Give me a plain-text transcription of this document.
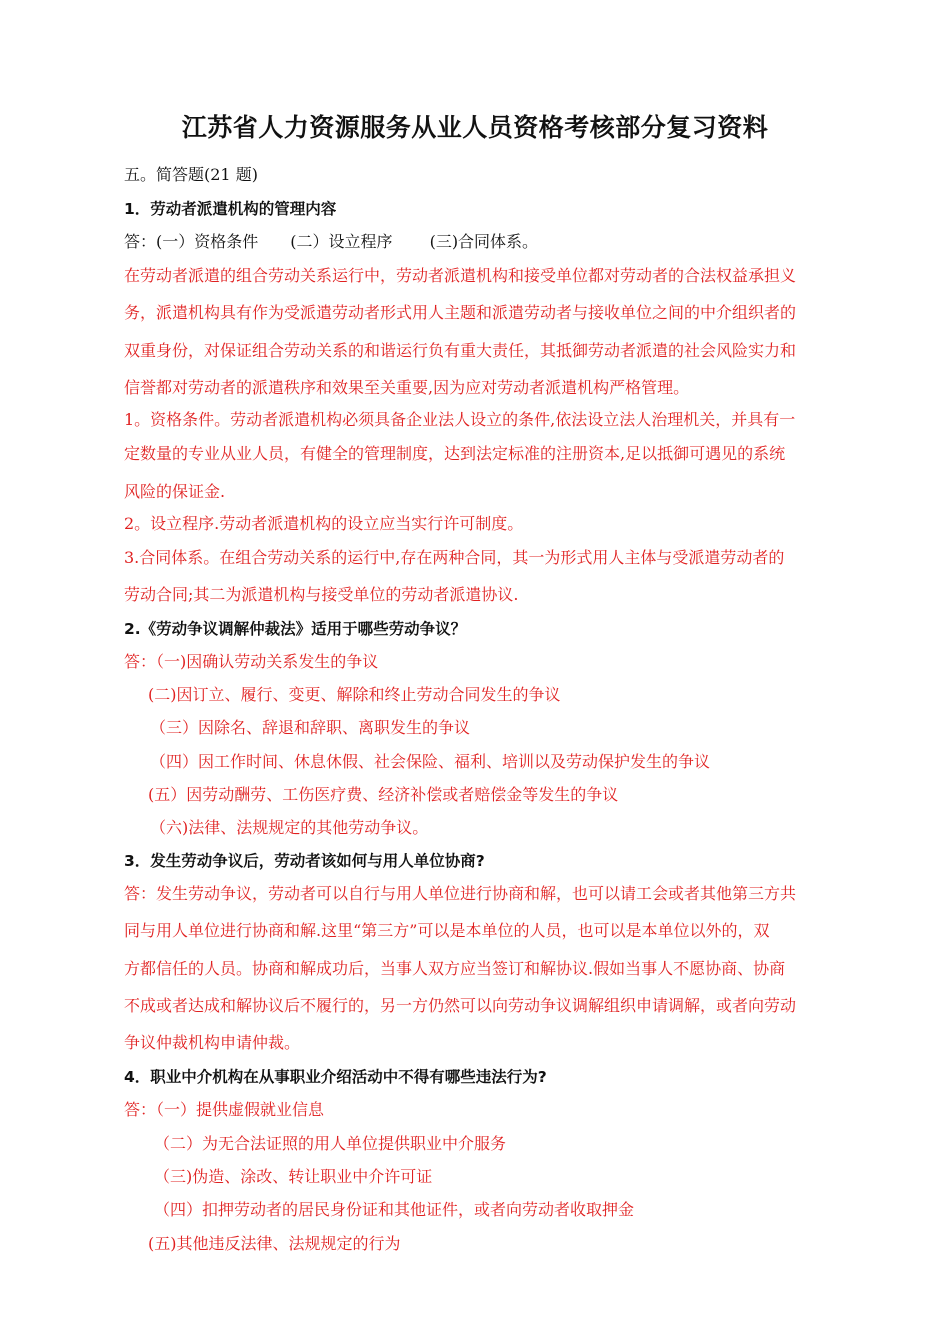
江苏省人力资源服务从业人员资格考核部分复习资料
五。简答题(21 题)
1．劳动者派遣机构的管理内容
答：(一）资格条件　　(二）设立程序　　 (三)合同体系。
在劳动者派遣的组合劳动关系运行中，劳动者派遣机构和接受单位都对劳动者的合法权益承担义
务，派遣机构具有作为受派遣劳动者形式用人主题和派遣劳动者与接收单位之间的中介组织者的
双重身份，对保证组合劳动关系的和谐运行负有重大责任，其抵御劳动者派遣的社会风险实力和
信誉都对劳动者的派遣秩序和效果至关重要,因为应对劳动者派遣机构严格管理。
1。资格条件。劳动者派遣机构必须具备企业法人设立的条件,依法设立法人治理机关，并具有一
定数量的专业从业人员，有健全的管理制度，达到法定标准的注册资本,足以抵御可遇见的系统
风险的保证金.
2。设立程序.劳动者派遣机构的设立应当实行许可制度。
3.合同体系。在组合劳动关系的运行中,存在两种合同，其一为形式用人主体与受派遣劳动者的
劳动合同;其二为派遣机构与接受单位的劳动者派遣协议.
2.《劳动争议调解仲裁法》适用于哪些劳动争议？
答：（一)因确认劳动关系发生的争议
(二)因订立、履行、变更、解除和终止劳动合同发生的争议
（三）因除名、辞退和辞职、离职发生的争议
（四）因工作时间、休息休假、社会保险、福利、培训以及劳动保护发生的争议
(五）因劳动酬劳、工伤医疗费、经济补偿或者赔偿金等发生的争议
（六)法律、法规规定的其他劳动争议。
3．发生劳动争议后，劳动者该如何与用人单位协商?
答：发生劳动争议，劳动者可以自行与用人单位进行协商和解，也可以请工会或者其他第三方共
同与用人单位进行协商和解.这里“第三方”可以是本单位的人员，也可以是本单位以外的，双
方都信任的人员。协商和解成功后，当事人双方应当签订和解协议.假如当事人不愿协商、协商
不成或者达成和解协议后不履行的，另一方仍然可以向劳动争议调解组织申请调解，或者向劳动
争议仲裁机构申请仲裁。
4．职业中介机构在从事职业介绍活动中不得有哪些违法行为?
答：（一）提供虚假就业信息
（二）为无合法证照的用人单位提供职业中介服务
（三)伪造、涂改、转让职业中介许可证
（四）扣押劳动者的居民身份证和其他证件，或者向劳动者收取押金
(五)其他违反法律、法规规定的行为
